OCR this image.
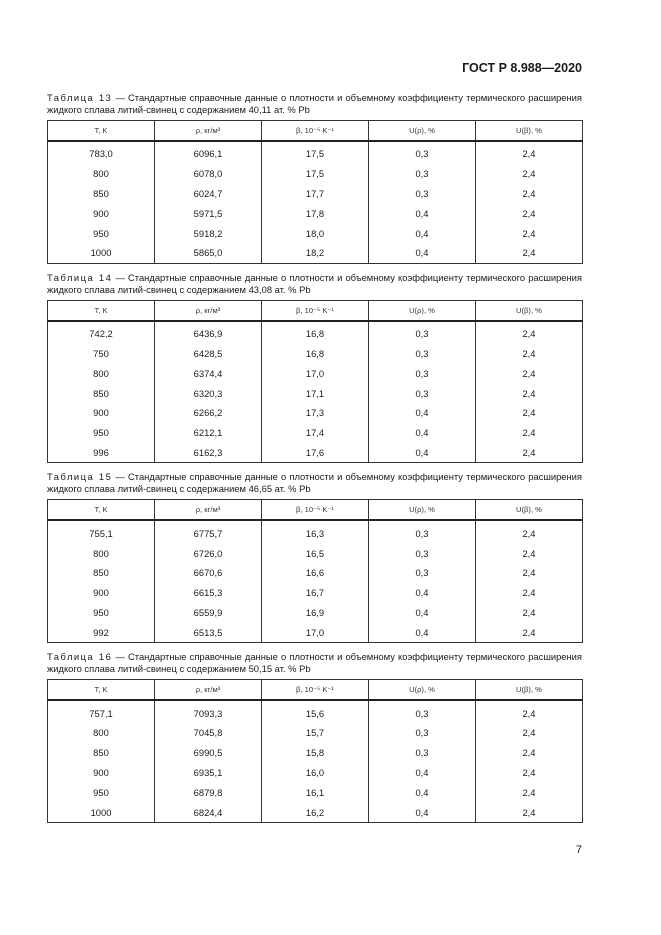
ГОСТ Р 8.988—2020
Таблица 13 — Стандартные справочные данные о плотности и объемному коэффициенту термического расширения жидкого сплава литий-свинец с содержанием 40,11 ат. % Pb
T, K	ρ, кг/м³	β, 10⁻⁵ K⁻¹	U(ρ), %	U(β), %
783,0	6096,1	17,5	0,3	2,4
800	6078,0	17,5	0,3	2,4
850	6024,7	17,7	0,3	2,4
900	5971,5	17,8	0,4	2,4
950	5918,2	18,0	0,4	2,4
1000	5865,0	18,2	0,4	2,4
Таблица 14 — Стандартные справочные данные о плотности и объемному коэффициенту термического расширения жидкого сплава литий-свинец с содержанием 43,08 ат. % Pb
T, K	ρ, кг/м³	β, 10⁻⁵ K⁻¹	U(ρ), %	U(β), %
742,2	6436,9	16,8	0,3	2,4
750	6428,5	16,8	0,3	2,4
800	6374,4	17,0	0,3	2,4
850	6320,3	17,1	0,3	2,4
900	6266,2	17,3	0,4	2,4
950	6212,1	17,4	0,4	2,4
996	6162,3	17,6	0,4	2,4
Таблица 15 — Стандартные справочные данные о плотности и объемному коэффициенту термического расширения жидкого сплава литий-свинец с содержанием 46,65 ат. % Pb
T, K	ρ, кг/м³	β, 10⁻⁵ K⁻¹	U(ρ), %	U(β), %
755,1	6775,7	16,3	0,3	2,4
800	6726,0	16,5	0,3	2,4
850	6670,6	16,6	0,3	2,4
900	6615,3	16,7	0,4	2,4
950	6559,9	16,9	0,4	2,4
992	6513,5	17,0	0,4	2,4
Таблица 16 — Стандартные справочные данные о плотности и объемному коэффициенту термического расширения жидкого сплава литий-свинец с содержанием 50,15 ат. % Pb
T, K	ρ, кг/м³	β, 10⁻⁵ K⁻¹	U(ρ), %	U(β), %
757,1	7093,3	15,6	0,3	2,4
800	7045,8	15,7	0,3	2,4
850	6990,5	15,8	0,3	2,4
900	6935,1	16,0	0,4	2,4
950	6879,8	16,1	0,4	2,4
1000	6824,4	16,2	0,4	2,4
7
